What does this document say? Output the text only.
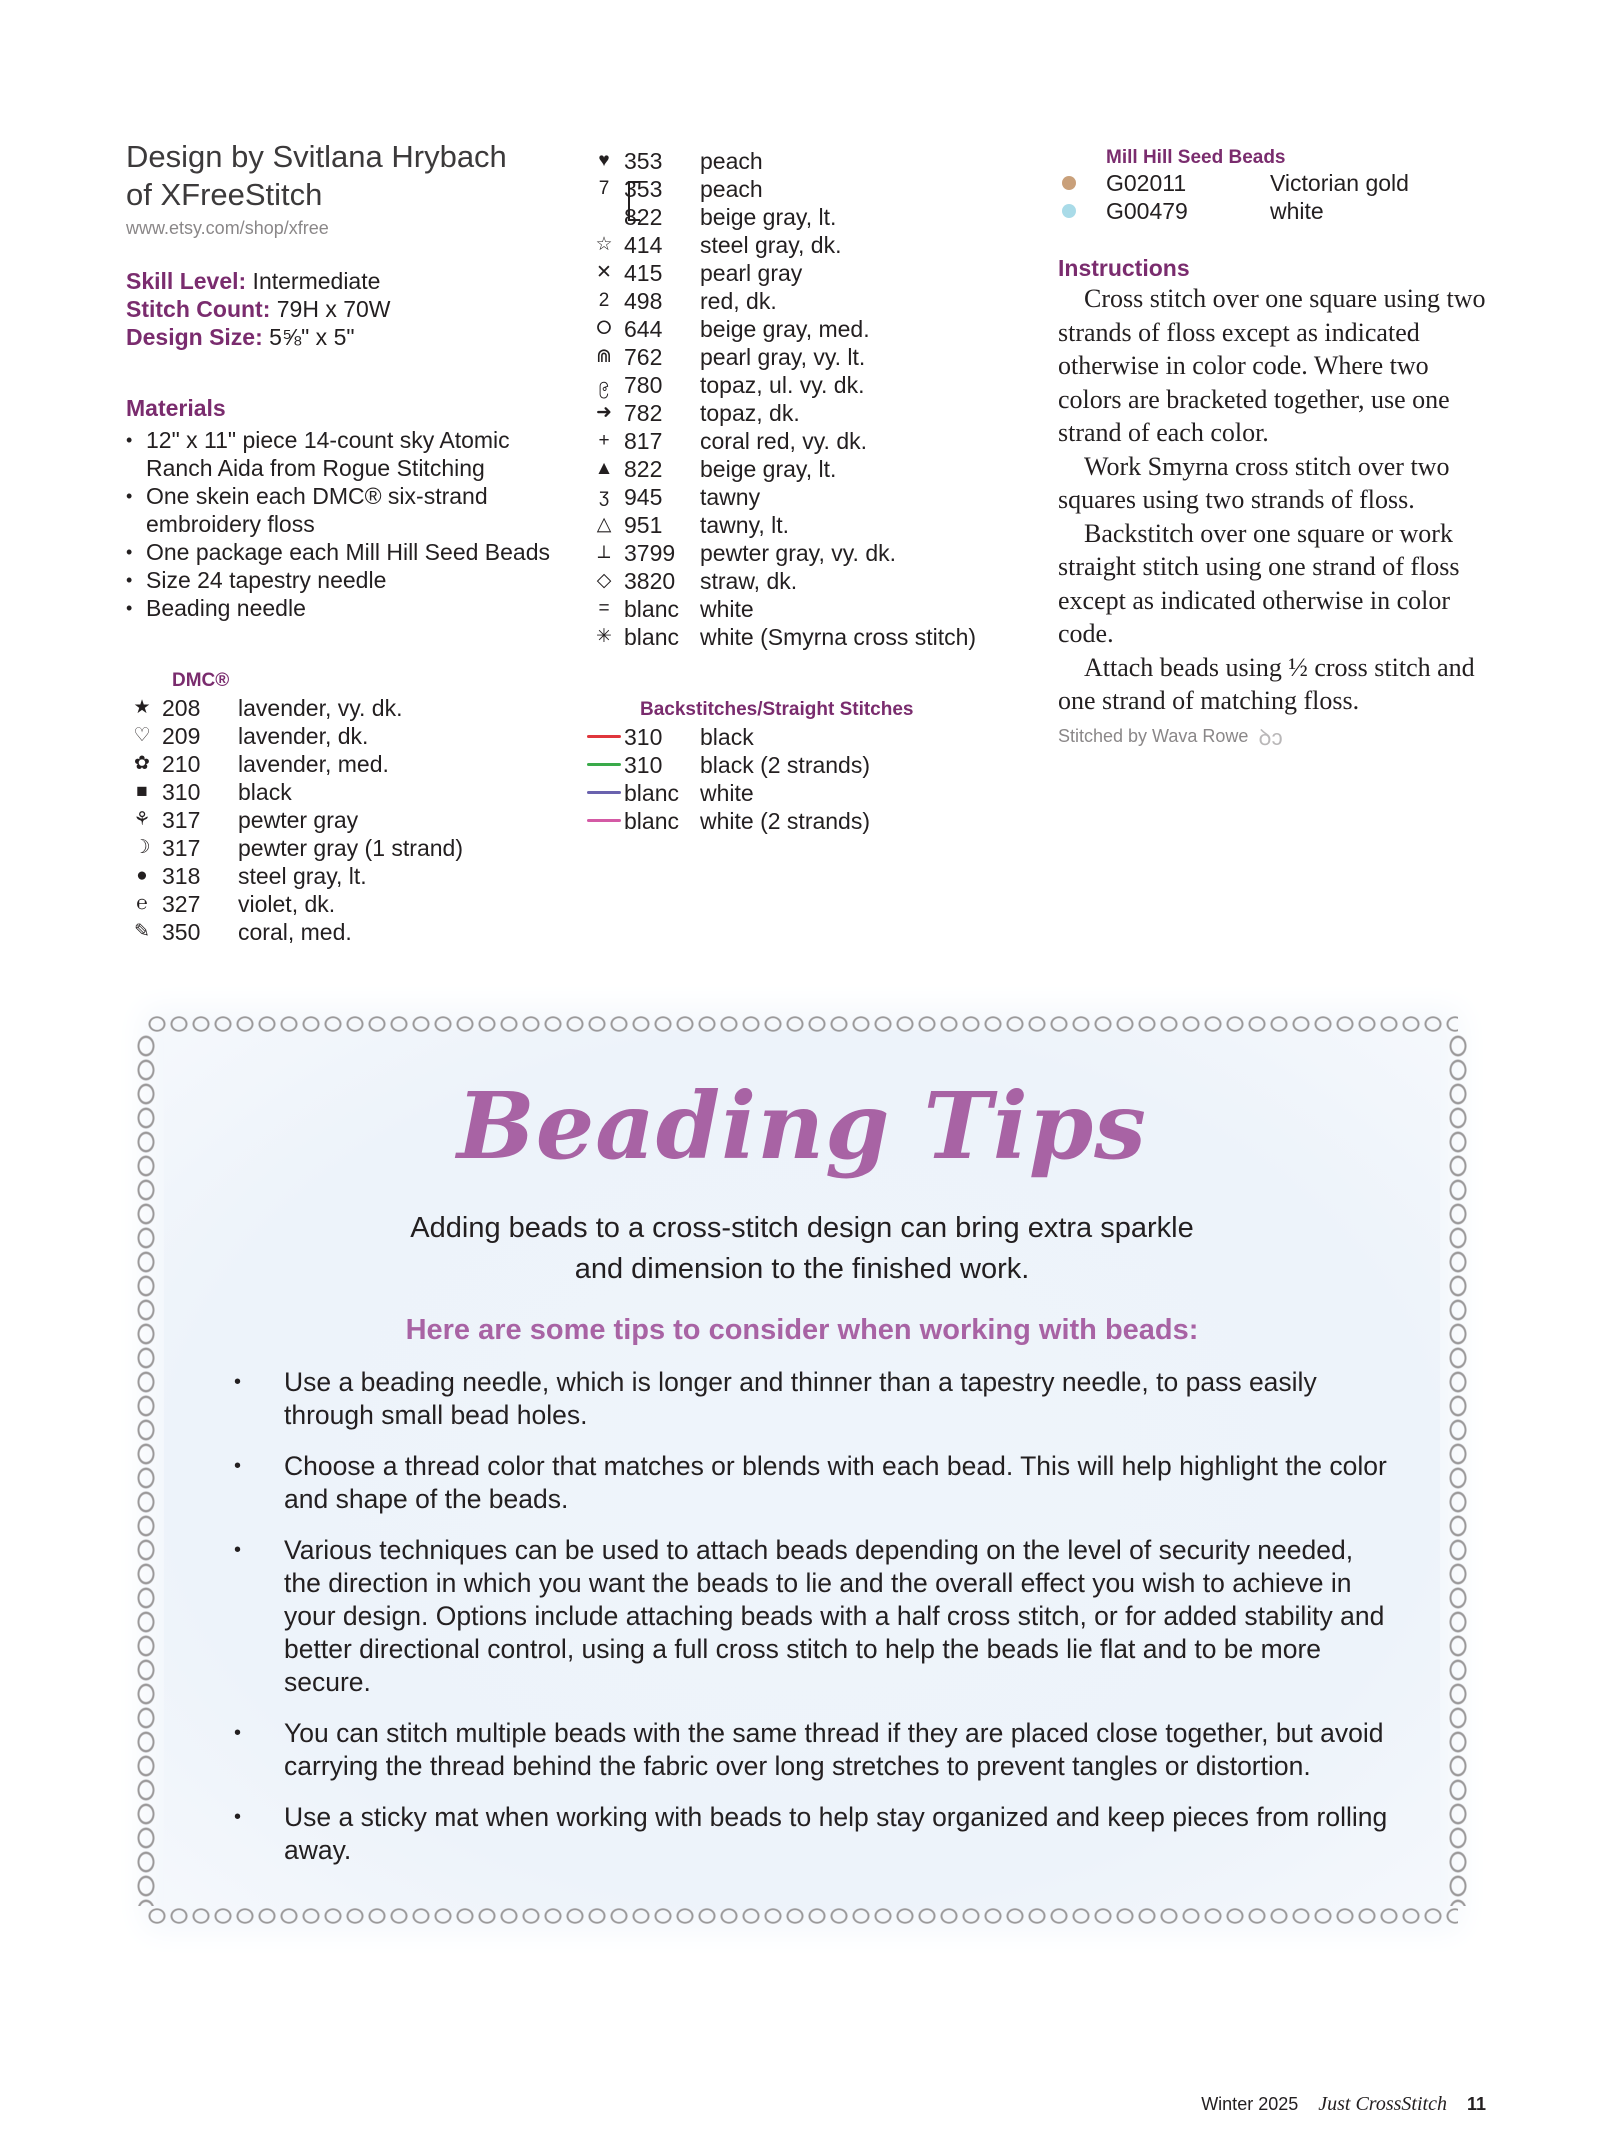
Design by Svitlana Hrybach
of XFreeStitch
www.etsy.com/shop/xfree
Skill Level: Intermediate
Stitch Count: 79H x 70W
Design Size: 5⅝" x 5"
Materials
• 12" x 11" piece 14-count sky Atomic Ranch Aida from Rogue Stitching
• One skein each DMC® six-strand embroidery floss
• One package each Mill Hill Seed Beads
• Size 24 tapestry needle
• Beading needle
DMC®
★ 208	lavender, vy. dk.
♡ 209	lavender, dk.
✿ 210	lavender, med.
■ 310	black
⚘ 317	pewter gray
☽ 317	pewter gray (1 strand)
● 318	steel gray, lt.
℮ 327	violet, dk.
✎ 350	coral, med.
♥ 353	peach
7 353	peach
822	beige gray, lt.
☆ 414	steel gray, dk.
✕ 415	pearl gray
2 498	red, dk.
⭘ 644	beige gray, med.
⋒ 762	pearl gray, vy. lt.
၉ 780	topaz, ul. vy. dk.
➜ 782	topaz, dk.
+ 817	coral red, vy. dk.
▲ 822	beige gray, lt.
ʒ 945	tawny
△ 951	tawny, lt.
⟂ 3799	pewter gray, vy. dk.
◇ 3820	straw, dk.
= blanc white
✳ blanc white (Smyrna cross stitch)
Backstitches/Straight Stitches
310	black
310	black (2 strands)
blanc white
blanc white (2 strands)
Mill Hill Seed Beads
G02011	Victorian gold
G00479	white
Instructions

Cross stitch over one square using two strands of floss except as indicated otherwise in color code. Where two colors are bracketed together, use one strand of each color.

Work Smyrna cross stitch over two squares using two strands of floss.

Backstitch over one square or work straight stitch using one strand of floss except as indicated otherwise in color code.

Attach beads using ½ cross stitch and one strand of matching floss.

Stitched by Wava Rowe ꝺↄ
Beading Tips
Adding beads to a cross-stitch design can bring extra sparkle
and dimension to the finished work.
Here are some tips to consider when working with beads:
• Use a beading needle, which is longer and thinner than a tapestry needle, to pass easily through small bead holes.
• Choose a thread color that matches or blends with each bead. This will help highlight the color and shape of the beads.
• Various techniques can be used to attach beads depending on the level of security needed, the direction in which you want the beads to lie and the overall effect you wish to achieve in your design. Options include attaching beads with a half cross stitch, or for added stability and better directional control, using a full cross stitch to help the beads lie flat and to be more secure.
• You can stitch multiple beads with the same thread if they are placed close together, but avoid carrying the thread behind the fabric over long stretches to prevent tangles or distortion.
• Use a sticky mat when working with beads to help stay organized and keep pieces from rolling away.
Winter 2025 Just CrossStitch 11
